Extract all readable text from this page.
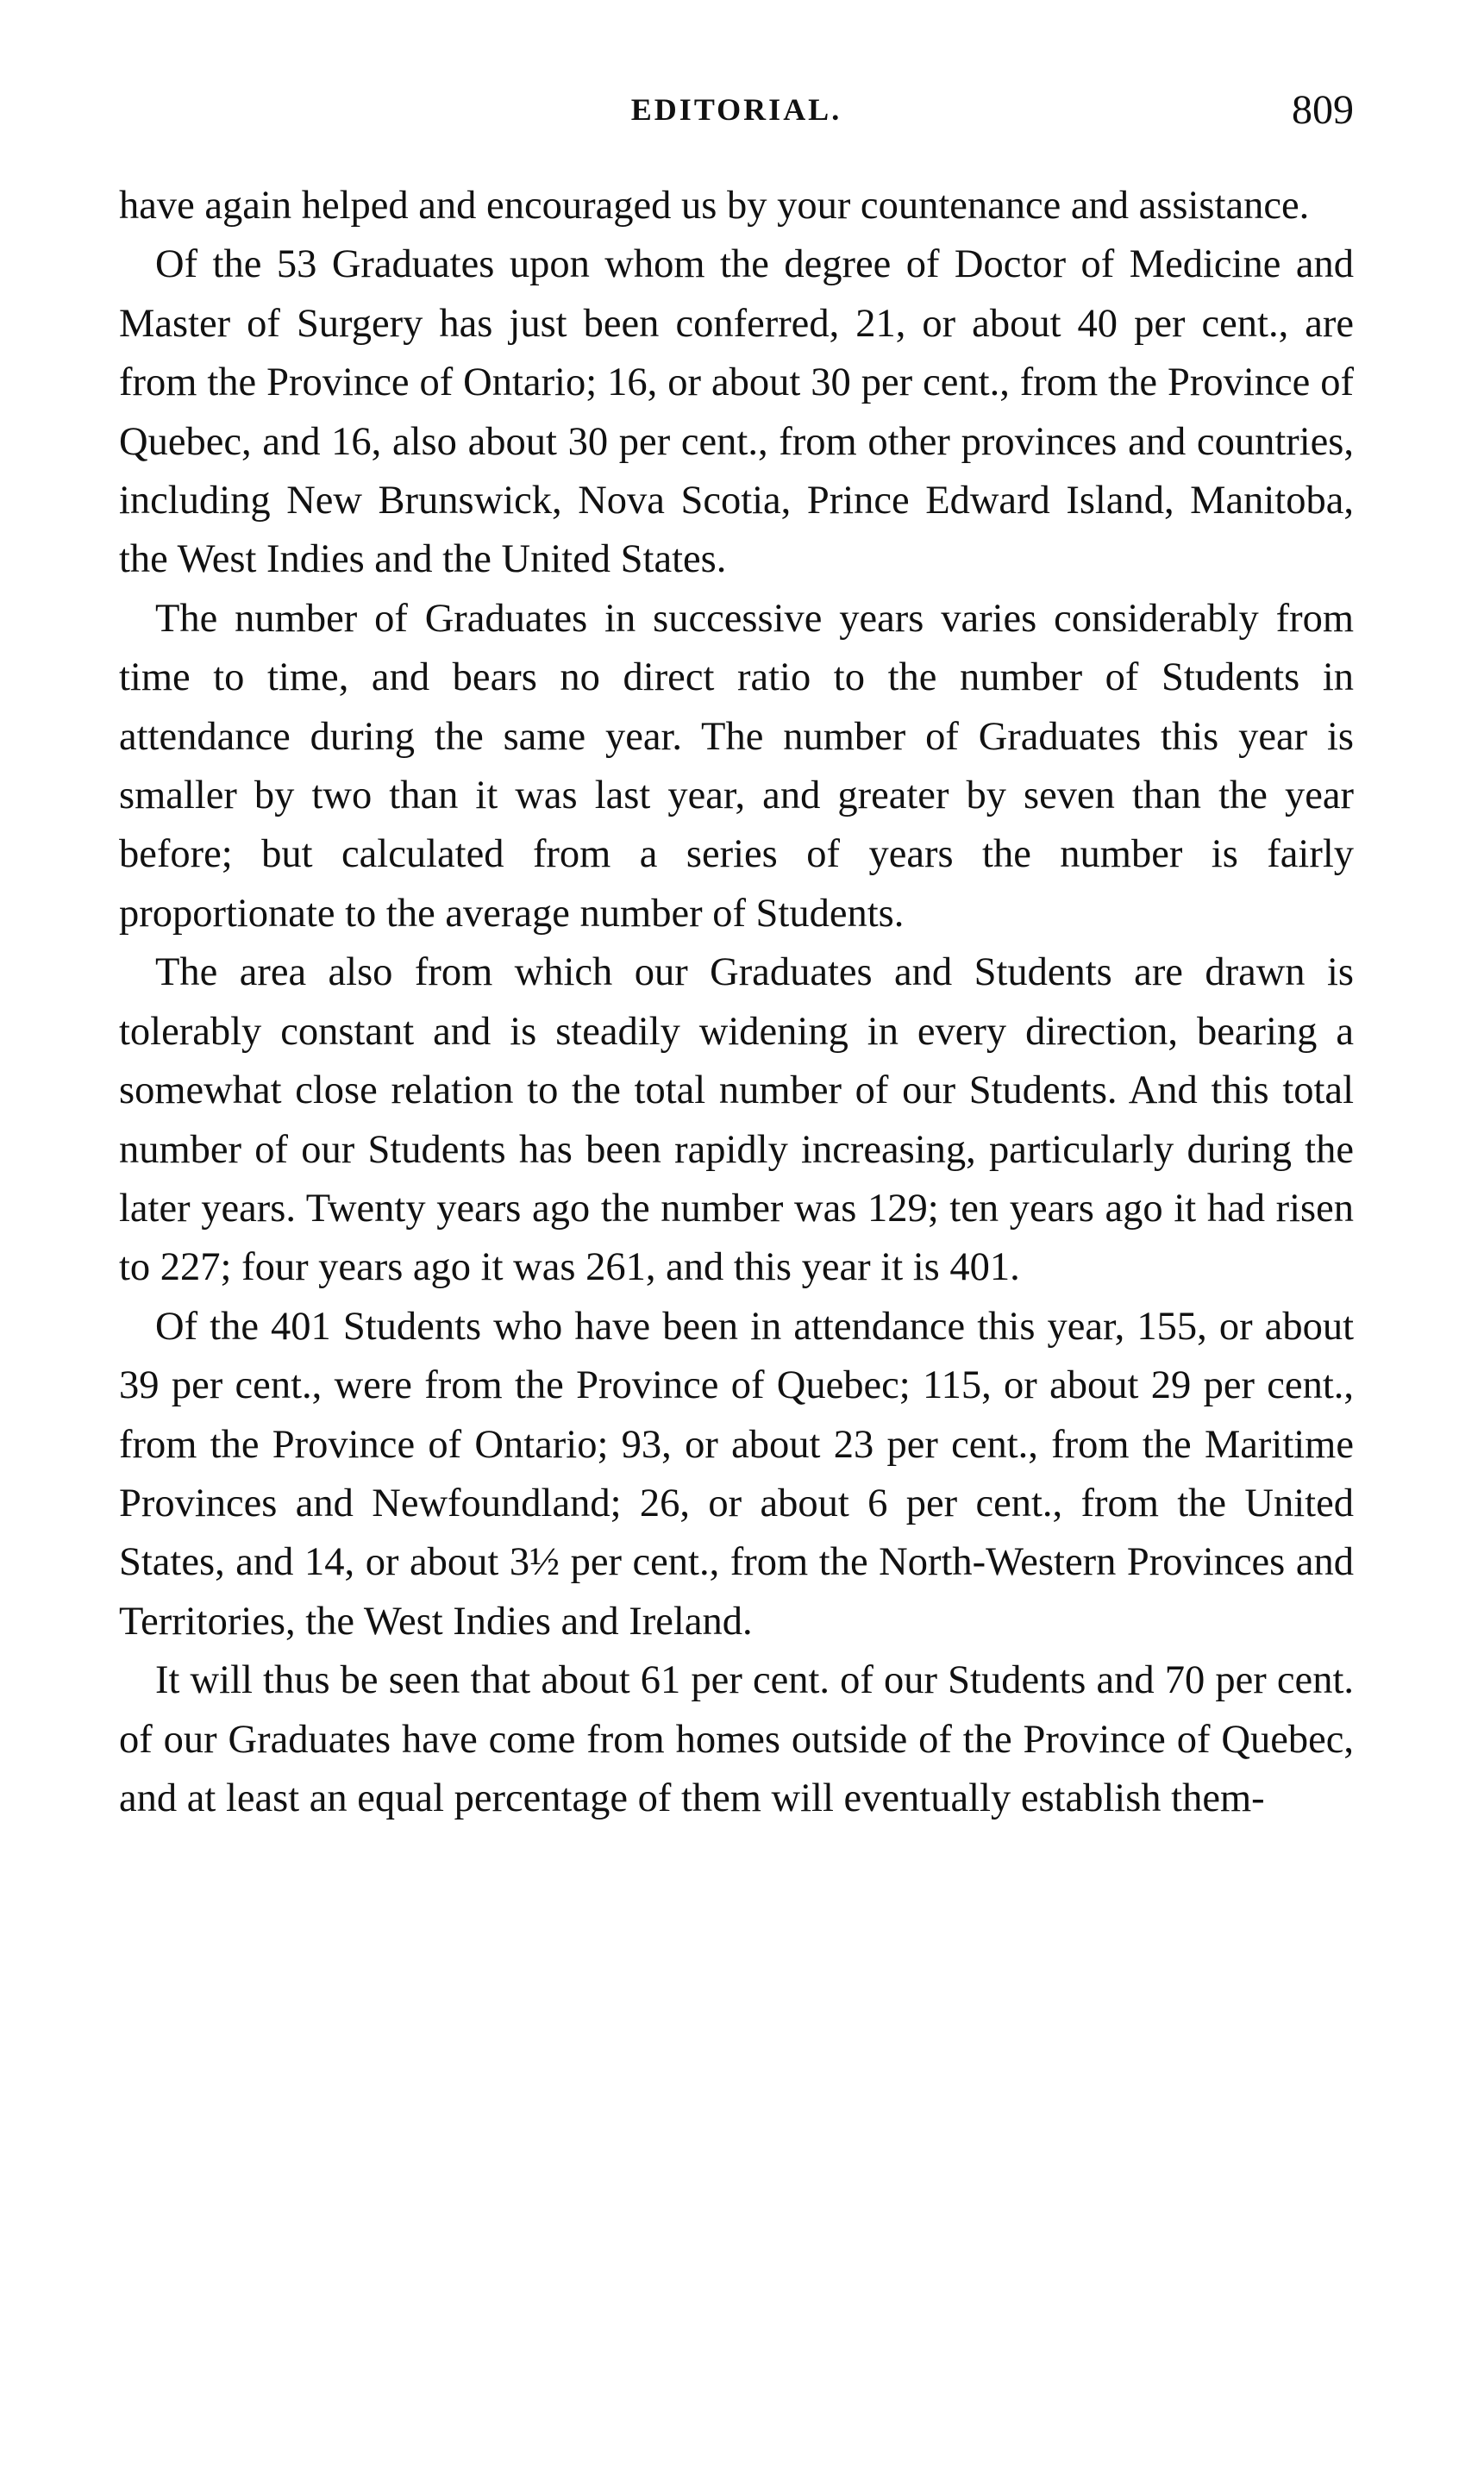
EDITORIAL.	809

have again helped and encouraged us by your countenance and assistance.

Of the 53 Graduates upon whom the degree of Doctor of Medicine and Master of Surgery has just been conferred, 21, or about 40 per cent., are from the Province of Ontario; 16, or about 30 per cent., from the Province of Quebec, and 16, also about 30 per cent., from other provinces and countries, including New Brunswick, Nova Scotia, Prince Edward Island, Manitoba, the West Indies and the United States.

The number of Graduates in successive years varies considerably from time to time, and bears no direct ratio to the number of Students in attendance during the same year. The number of Graduates this year is smaller by two than it was last year, and greater by seven than the year before; but calculated from a series of years the number is fairly proportionate to the average number of Students.

The area also from which our Graduates and Students are drawn is tolerably constant and is steadily widening in every direction, bearing a somewhat close relation to the total number of our Students. And this total number of our Students has been rapidly increasing, particularly during the later years. Twenty years ago the number was 129; ten years ago it had risen to 227; four years ago it was 261, and this year it is 401.

Of the 401 Students who have been in attendance this year, 155, or about 39 per cent., were from the Province of Quebec; 115, or about 29 per cent., from the Province of Ontario; 93, or about 23 per cent., from the Maritime Provinces and Newfoundland; 26, or about 6 per cent., from the United States, and 14, or about 3½ per cent., from the North-Western Provinces and Territories, the West Indies and Ireland.

It will thus be seen that about 61 per cent. of our Students and 70 per cent. of our Graduates have come from homes outside of the Province of Quebec, and at least an equal percentage of them will eventually establish them-
